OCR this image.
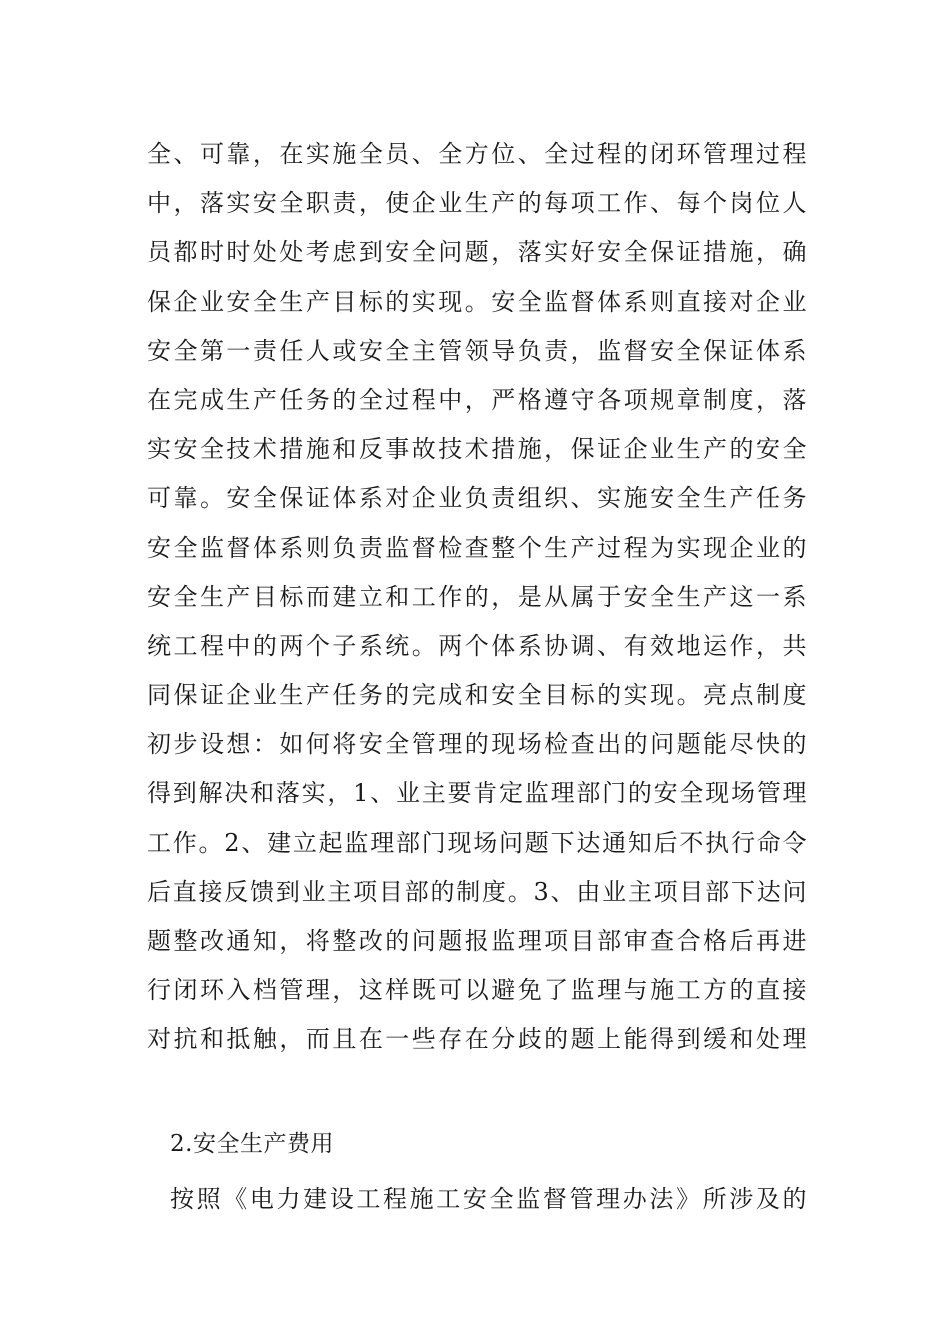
全、可靠，在实施全员、全方位、全过程的闭环管理过程
中，落实安全职责，使企业生产的每项工作、每个岗位人
员都时时处处考虑到安全问题，落实好安全保证措施，确
保企业安全生产目标的实现。安全监督体系则直接对企业
安全第一责任人或安全主管领导负责，监督安全保证体系
在完成生产任务的全过程中，严格遵守各项规章制度，落
实安全技术措施和反事故技术措施，保证企业生产的安全
可靠。安全保证体系对企业负责组织、实施安全生产任务
安全监督体系则负责监督检查整个生产过程为实现企业的
安全生产目标而建立和工作的，是从属于安全生产这一系
统工程中的两个子系统。两个体系协调、有效地运作，共
同保证企业生产任务的完成和安全目标的实现。亮点制度
初步设想：如何将安全管理的现场检查出的问题能尽快的
得到解决和落实，1、业主要肯定监理部门的安全现场管理
工作。2、建立起监理部门现场问题下达通知后不执行命令
后直接反馈到业主项目部的制度。3、由业主项目部下达问
题整改通知，将整改的问题报监理项目部审查合格后再进
行闭环入档管理，这样既可以避免了监理与施工方的直接
对抗和抵触，而且在一些存在分歧的题上能得到缓和处理
2.安全生产费用
按照《电力建设工程施工安全监督管理办法》所涉及的
